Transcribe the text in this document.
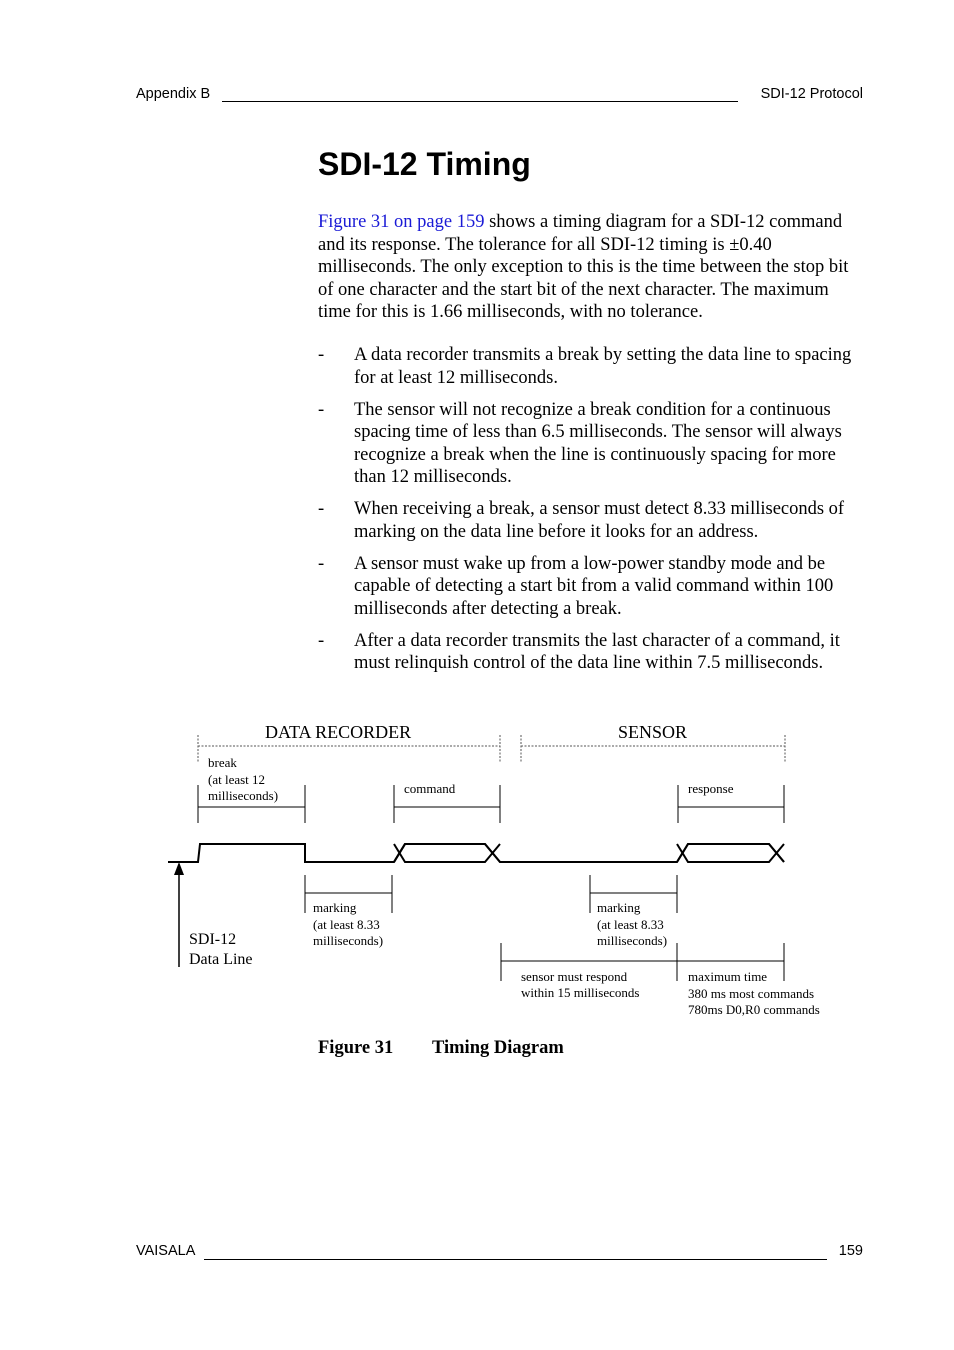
Appendix B	SDI-12 Protocol
SDI-12 Timing

Figure 31 on page 159 shows a timing diagram for a SDI-12 command and its response. The tolerance for all SDI-12 timing is ±0.40 milliseconds. The only exception to this is the time between the stop bit of one character and the start bit of the next character. The maximum time for this is 1.66 milliseconds, with no tolerance.

- A data recorder transmits a break by setting the data line to spacing for at least 12 milliseconds.
- The sensor will not recognize a break condition for a continuous spacing time of less than 6.5 milliseconds. The sensor will always recognize a break when the line is continuously spacing for more than 12 milliseconds.
- When receiving a break, a sensor must detect 8.33 milliseconds of marking on the data line before it looks for an address.
- A sensor must wake up from a low-power standby mode and be capable of detecting a start bit from a valid command within 100 milliseconds after detecting a break.
- After a data recorder transmits the last character of a command, it must relinquish control of the data line within 7.5 milliseconds.
DATA RECORDER	SENSOR
break
(at least 12
milliseconds)	command	response
marking
(at least 8.33
milliseconds)
marking
(at least 8.33
milliseconds)
sensor must respond
within 15 milliseconds
maximum time
380 ms most commands
780ms D0,R0 commands
SDI-12
Data Line
Figure 31 Timing Diagram
VAISALA	159
